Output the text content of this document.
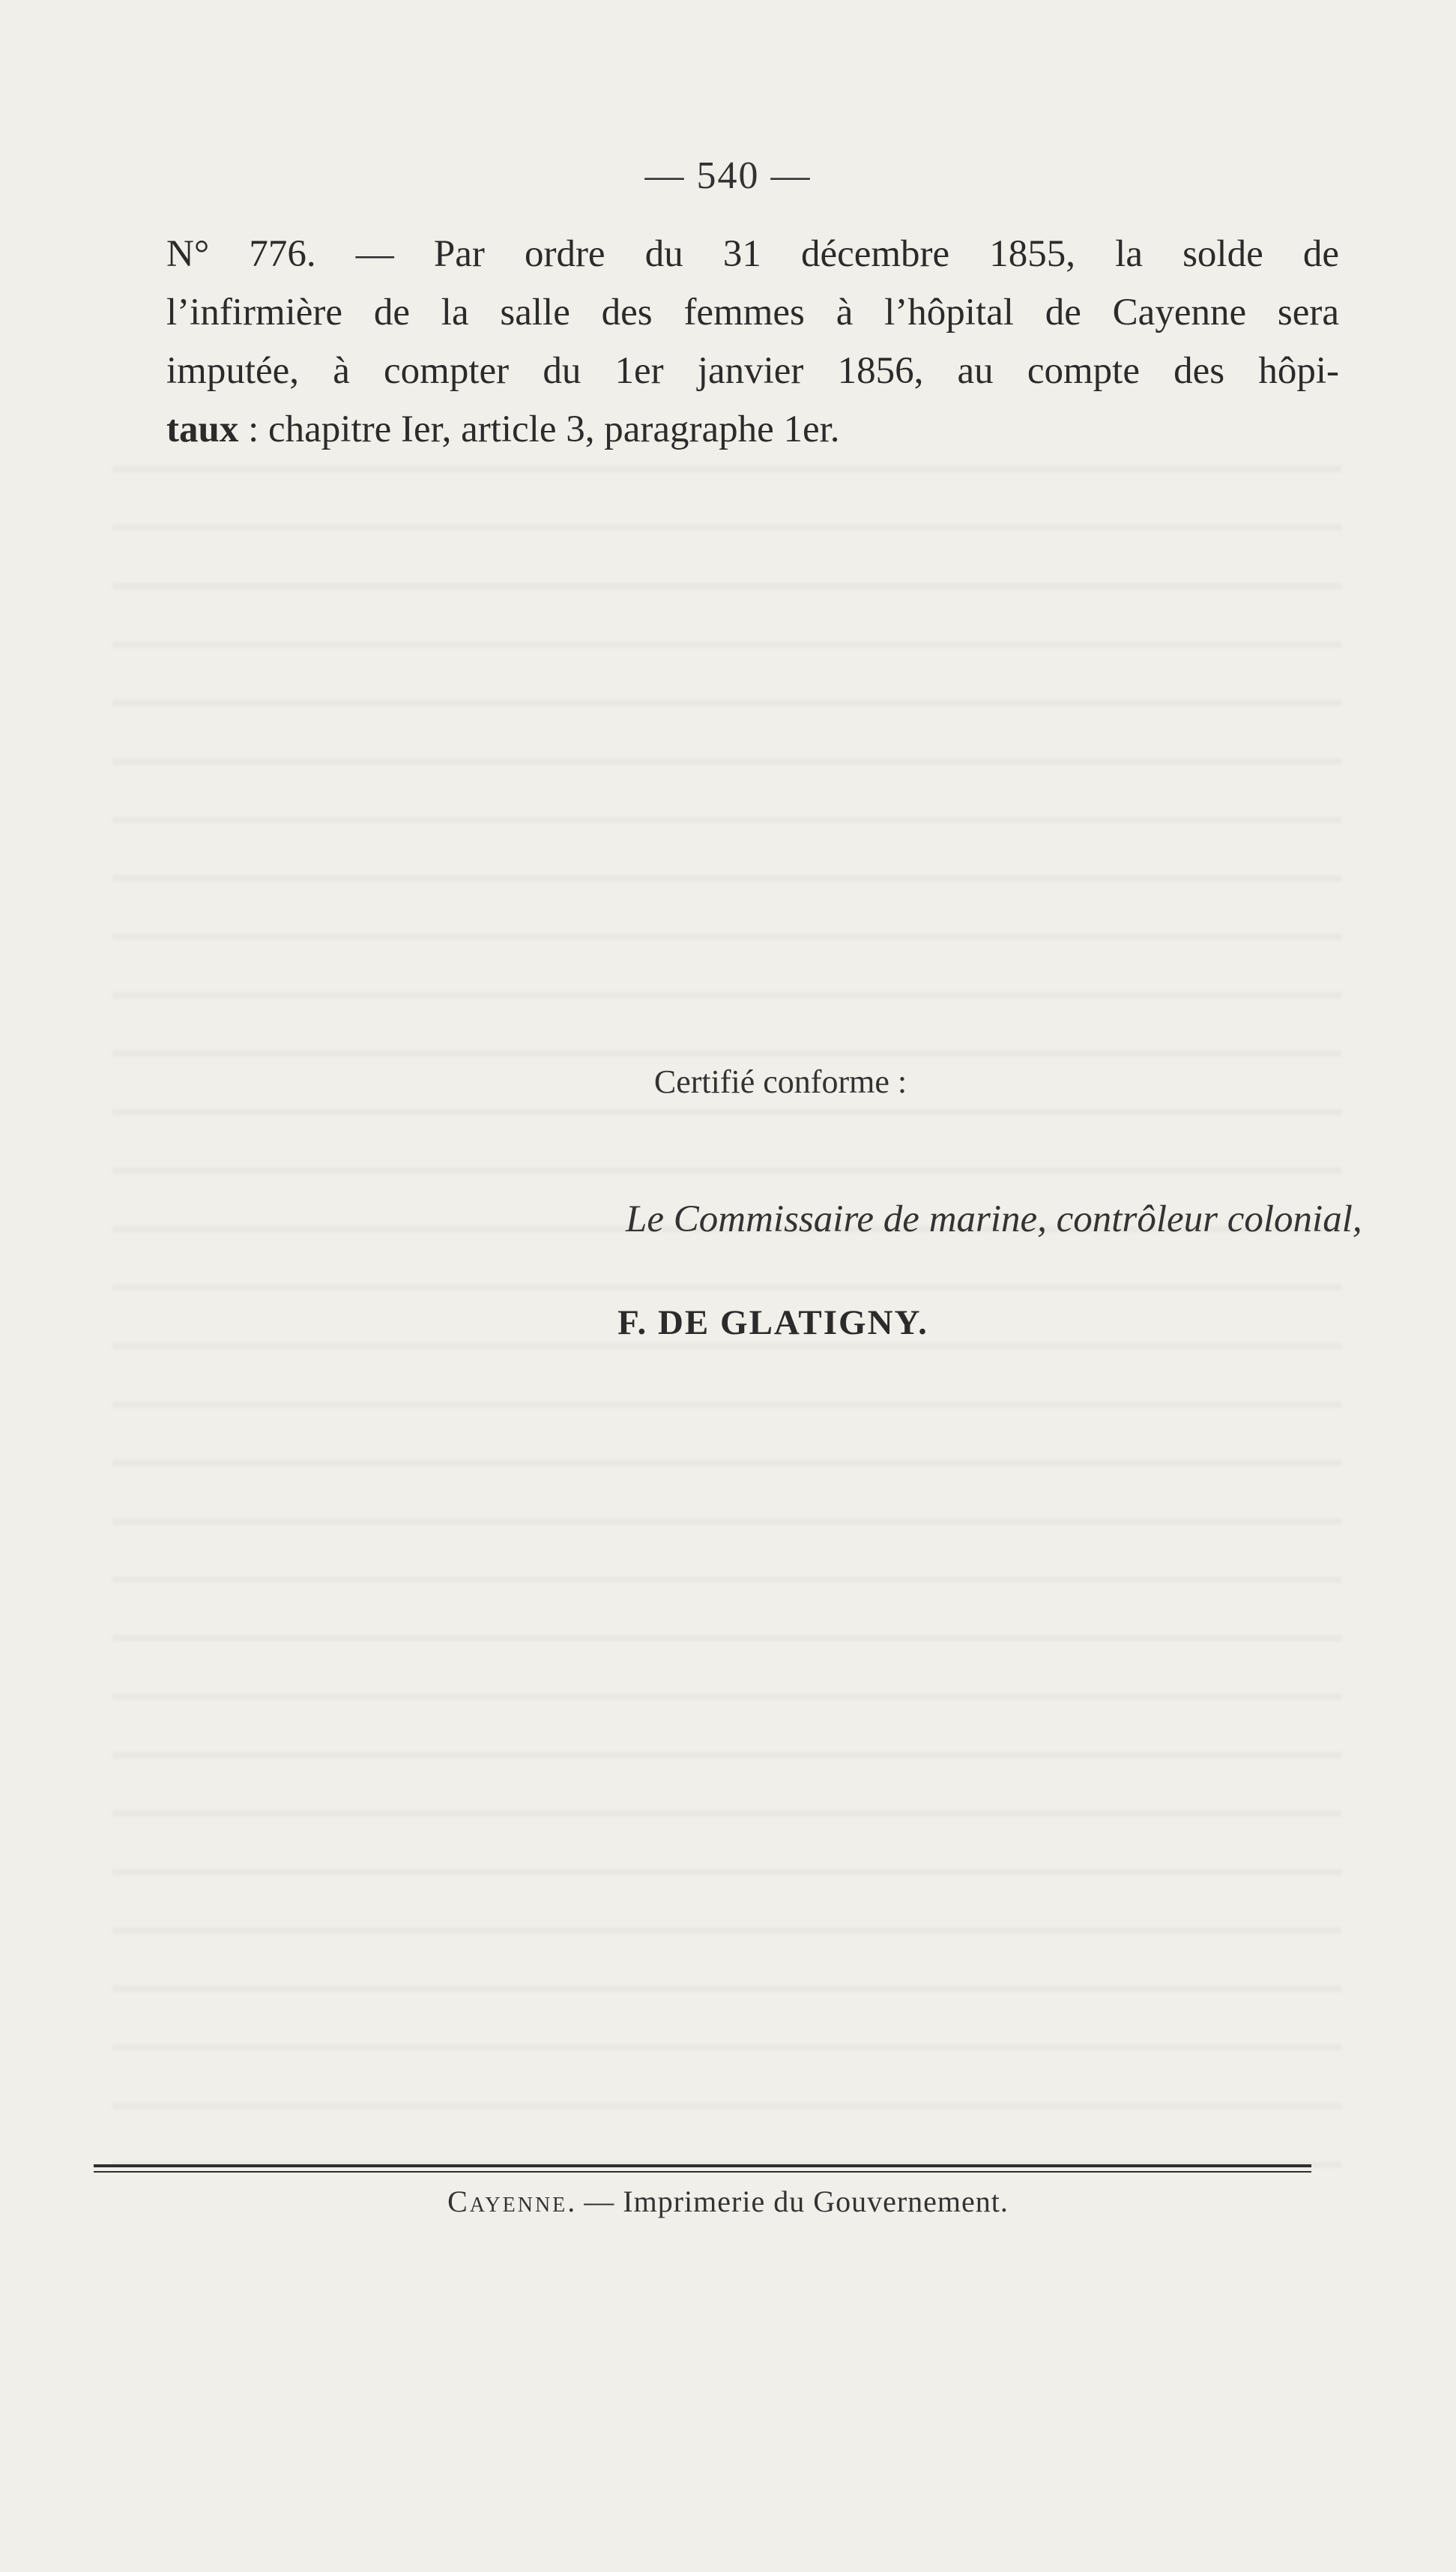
— 540 —
N° 776. — Par ordre du 31 décembre 1855, la solde de
l’infirmière de la salle des femmes à l’hôpital de Cayenne sera
imputée, à compter du 1er janvier 1856, au compte des hôpi-
taux : chapitre Ier, article 3, paragraphe 1er.
Certifié conforme :
Le Commissaire de marine, contrôleur colonial,
F. DE GLATIGNY.
Cayenne. — Imprimerie du Gouvernement.
